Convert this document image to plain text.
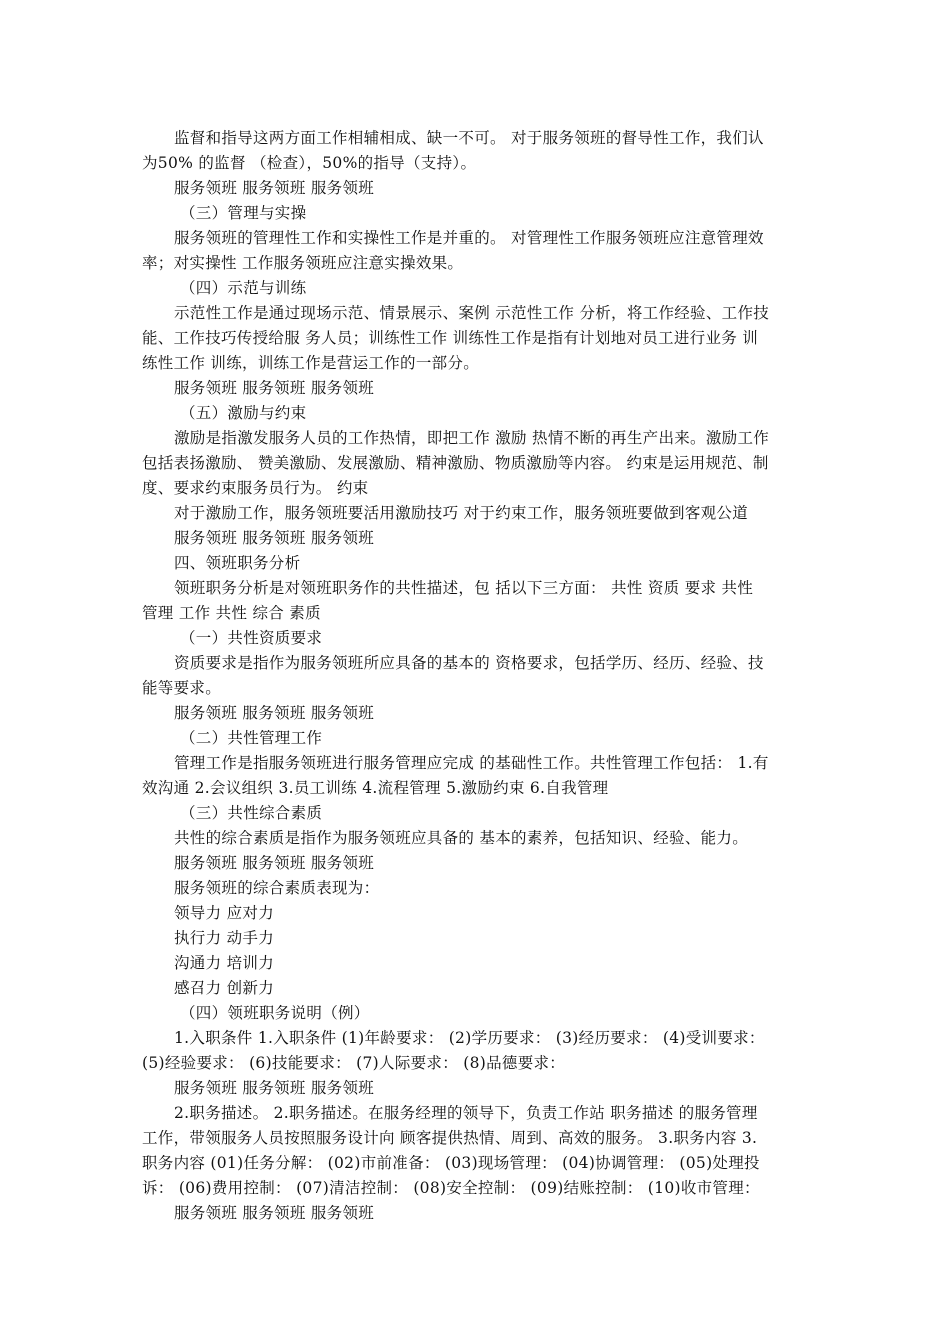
监督和指导这两方面工作相辅相成、缺一不可。 对于服务领班的督导性工作，我们认
为50% 的监督 （检查），50%的指导（支持）。
服务领班 服务领班 服务领班
（三）管理与实操
服务领班的管理性工作和实操性工作是并重的。 对管理性工作服务领班应注意管理效
率；对实操性 工作服务领班应注意实操效果。
（四）示范与训练
示范性工作是通过现场示范、情景展示、案例 示范性工作 分析，将工作经验、工作技
能、工作技巧传授给服 务人员；训练性工作 训练性工作是指有计划地对员工进行业务 训
练性工作 训练，训练工作是营运工作的一部分。
服务领班 服务领班 服务领班
（五）激励与约束
激励是指激发服务人员的工作热情，即把工作 激励 热情不断的再生产出来。激励工作
包括表扬激励、 赞美激励、发展激励、精神激励、物质激励等内容。 约束是运用规范、制
度、要求约束服务员行为。 约束
对于激励工作，服务领班要活用激励技巧 对于约束工作，服务领班要做到客观公道
服务领班 服务领班 服务领班
四、领班职务分析
领班职务分析是对领班职务作的共性描述，包 括以下三方面： 共性 资质 要求 共性
管理 工作 共性 综合 素质
（一）共性资质要求
资质要求是指作为服务领班所应具备的基本的 资格要求，包括学历、经历、经验、技
能等要求。
服务领班 服务领班 服务领班
（二）共性管理工作
管理工作是指服务领班进行服务管理应完成 的基础性工作。共性管理工作包括： 1.有
效沟通 2.会议组织 3.员工训练 4.流程管理 5.激励约束 6.自我管理
（三）共性综合素质
共性的综合素质是指作为服务领班应具备的 基本的素养，包括知识、经验、能力。
服务领班 服务领班 服务领班
服务领班的综合素质表现为：
领导力 应对力
执行力 动手力
沟通力 培训力
感召力 创新力
（四）领班职务说明（例）
1.入职条件 1.入职条件 (1)年龄要求： (2)学历要求： (3)经历要求： (4)受训要求：
(5)经验要求： (6)技能要求： (7)人际要求： (8)品德要求：
服务领班 服务领班 服务领班
2.职务描述。 2.职务描述。在服务经理的领导下，负责工作站 职务描述 的服务管理
工作，带领服务人员按照服务设计向 顾客提供热情、周到、高效的服务。 3.职务内容 3.
职务内容 (01)任务分解： (02)市前准备： (03)现场管理： (04)协调管理： (05)处理投
诉： (06)费用控制： (07)清洁控制： (08)安全控制： (09)结账控制： (10)收市管理：
服务领班 服务领班 服务领班
